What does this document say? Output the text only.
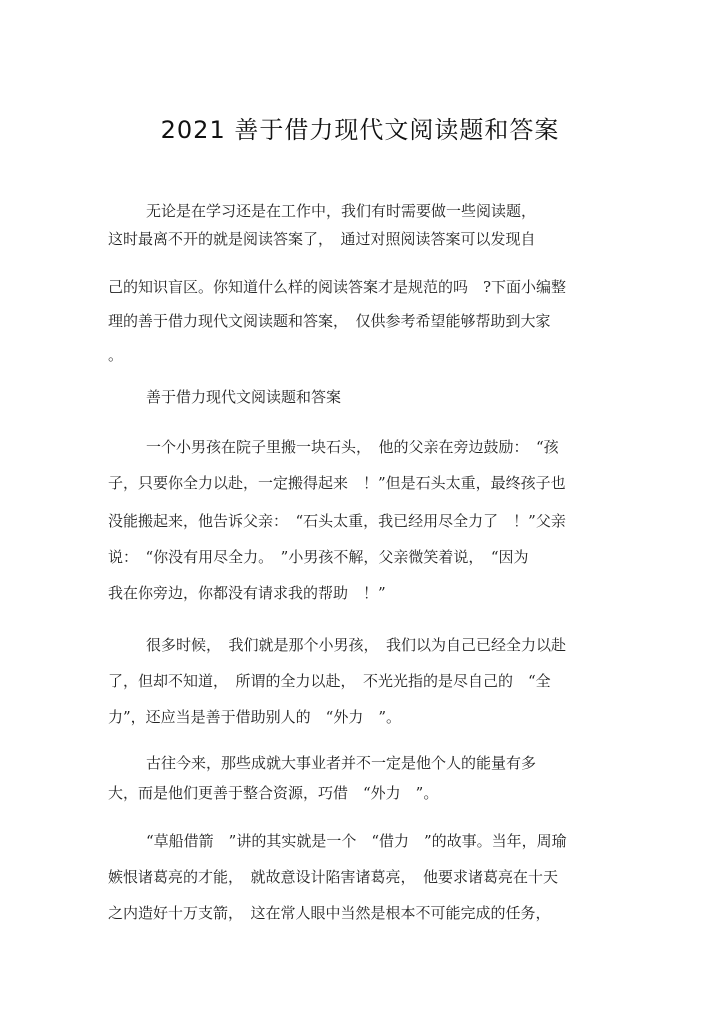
2021 善于借力现代文阅读题和答案
无论是在学习还是在工作中，我们有时需要做一些阅读题，
这时最离不开的就是阅读答案了，　通过对照阅读答案可以发现自
己的知识盲区。你知道什么样的阅读答案才是规范的吗　?下面小编整
理的善于借力现代文阅读题和答案，　仅供参考希望能够帮助到大家
。
善于借力现代文阅读题和答案
一个小男孩在院子里搬一块石头，　他的父亲在旁边鼓励：　“孩
子，只要你全力以赴，一定搬得起来　！”但是石头太重，最终孩子也
没能搬起来，他告诉父亲：　“石头太重，我已经用尽全力了　！”父亲
说：　“你没有用尽全力。　”小男孩不解，父亲微笑着说，　“因为
我在你旁边，你都没有请求我的帮助　！”
很多时候，　我们就是那个小男孩，　我们以为自己已经全力以赴
了，但却不知道，　所谓的全力以赴，　不光光指的是尽自己的　“全
力”，还应当是善于借助别人的　“外力　”。
古往今来，那些成就大事业者并不一定是他个人的能量有多
大，而是他们更善于整合资源，巧借　“外力　”。
“草船借箭　”讲的其实就是一个　“借力　”的故事。当年，周瑜
嫉恨诸葛亮的才能，　就故意设计陷害诸葛亮，　他要求诸葛亮在十天
之内造好十万支箭，　这在常人眼中当然是根本不可能完成的任务，
